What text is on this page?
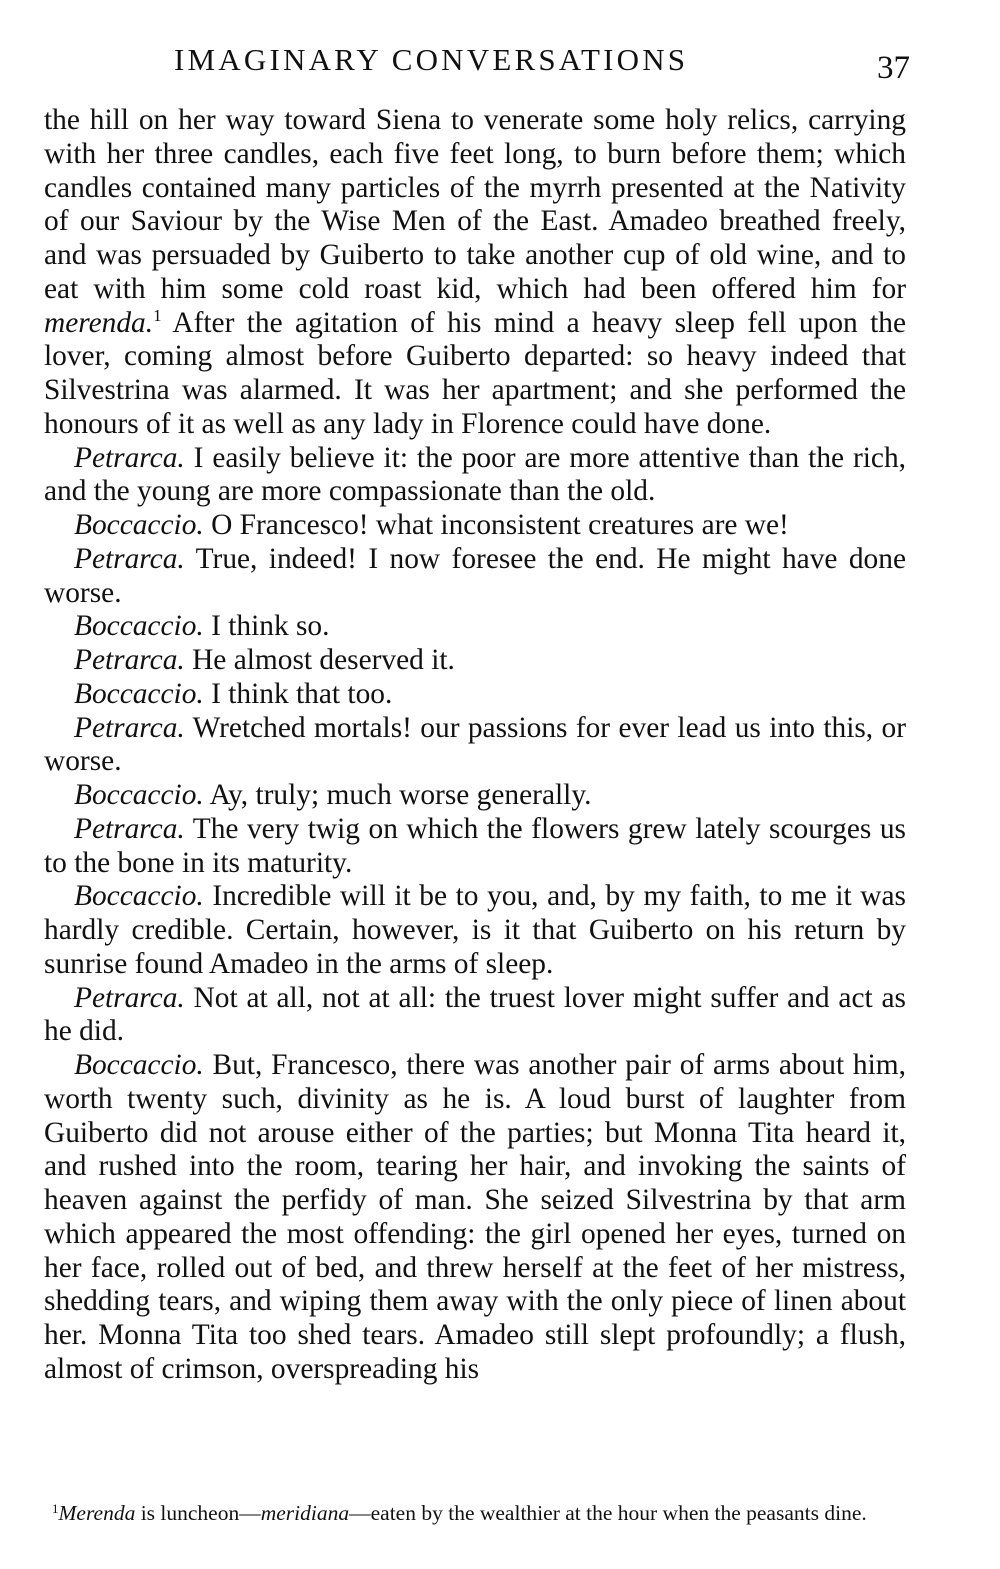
IMAGINARY CONVERSATIONS	37

the hill on her way toward Siena to venerate some holy relics, carrying with her three candles, each five feet long, to burn before them; which candles contained many particles of the myrrh presented at the Nativity of our Saviour by the Wise Men of the East. Amadeo breathed freely, and was persuaded by Guiberto to take another cup of old wine, and to eat with him some cold roast kid, which had been offered him for merenda.$^1$ After the agitation of his mind a heavy sleep fell upon the lover, coming almost before Guiberto departed: so heavy indeed that Silvestrina was alarmed. It was her apartment; and she performed the honours of it as well as any lady in Florence could have done.

Petrarca. I easily believe it: the poor are more attentive than the rich, and the young are more compassionate than the old.

Boccaccio. O Francesco! what inconsistent creatures are we!

Petrarca. True, indeed! I now foresee the end. He might have done worse.

Boccaccio. I think so.

Petrarca. He almost deserved it.

Boccaccio. I think that too.

Petrarca. Wretched mortals! our passions for ever lead us into this, or worse.

Boccaccio. Ay, truly; much worse generally.

Petrarca. The very twig on which the flowers grew lately scourges us to the bone in its maturity.

Boccaccio. Incredible will it be to you, and, by my faith, to me it was hardly credible. Certain, however, is it that Guiberto on his return by sunrise found Amadeo in the arms of sleep.

Petrarca. Not at all, not at all: the truest lover might suffer and act as he did.

Boccaccio. But, Francesco, there was another pair of arms about him, worth twenty such, divinity as he is. A loud burst of laughter from Guiberto did not arouse either of the parties; but Monna Tita heard it, and rushed into the room, tearing her hair, and invoking the saints of heaven against the perfidy of man. She seized Silvestrina by that arm which appeared the most offending: the girl opened her eyes, turned on her face, rolled out of bed, and threw herself at the feet of her mistress, shedding tears, and wiping them away with the only piece of linen about her. Monna Tita too shed tears. Amadeo still slept profoundly; a flush, almost of crimson, overspreading his

$^1$Merenda is luncheon—meridiana—eaten by the wealthier at the hour when the peasants dine.
